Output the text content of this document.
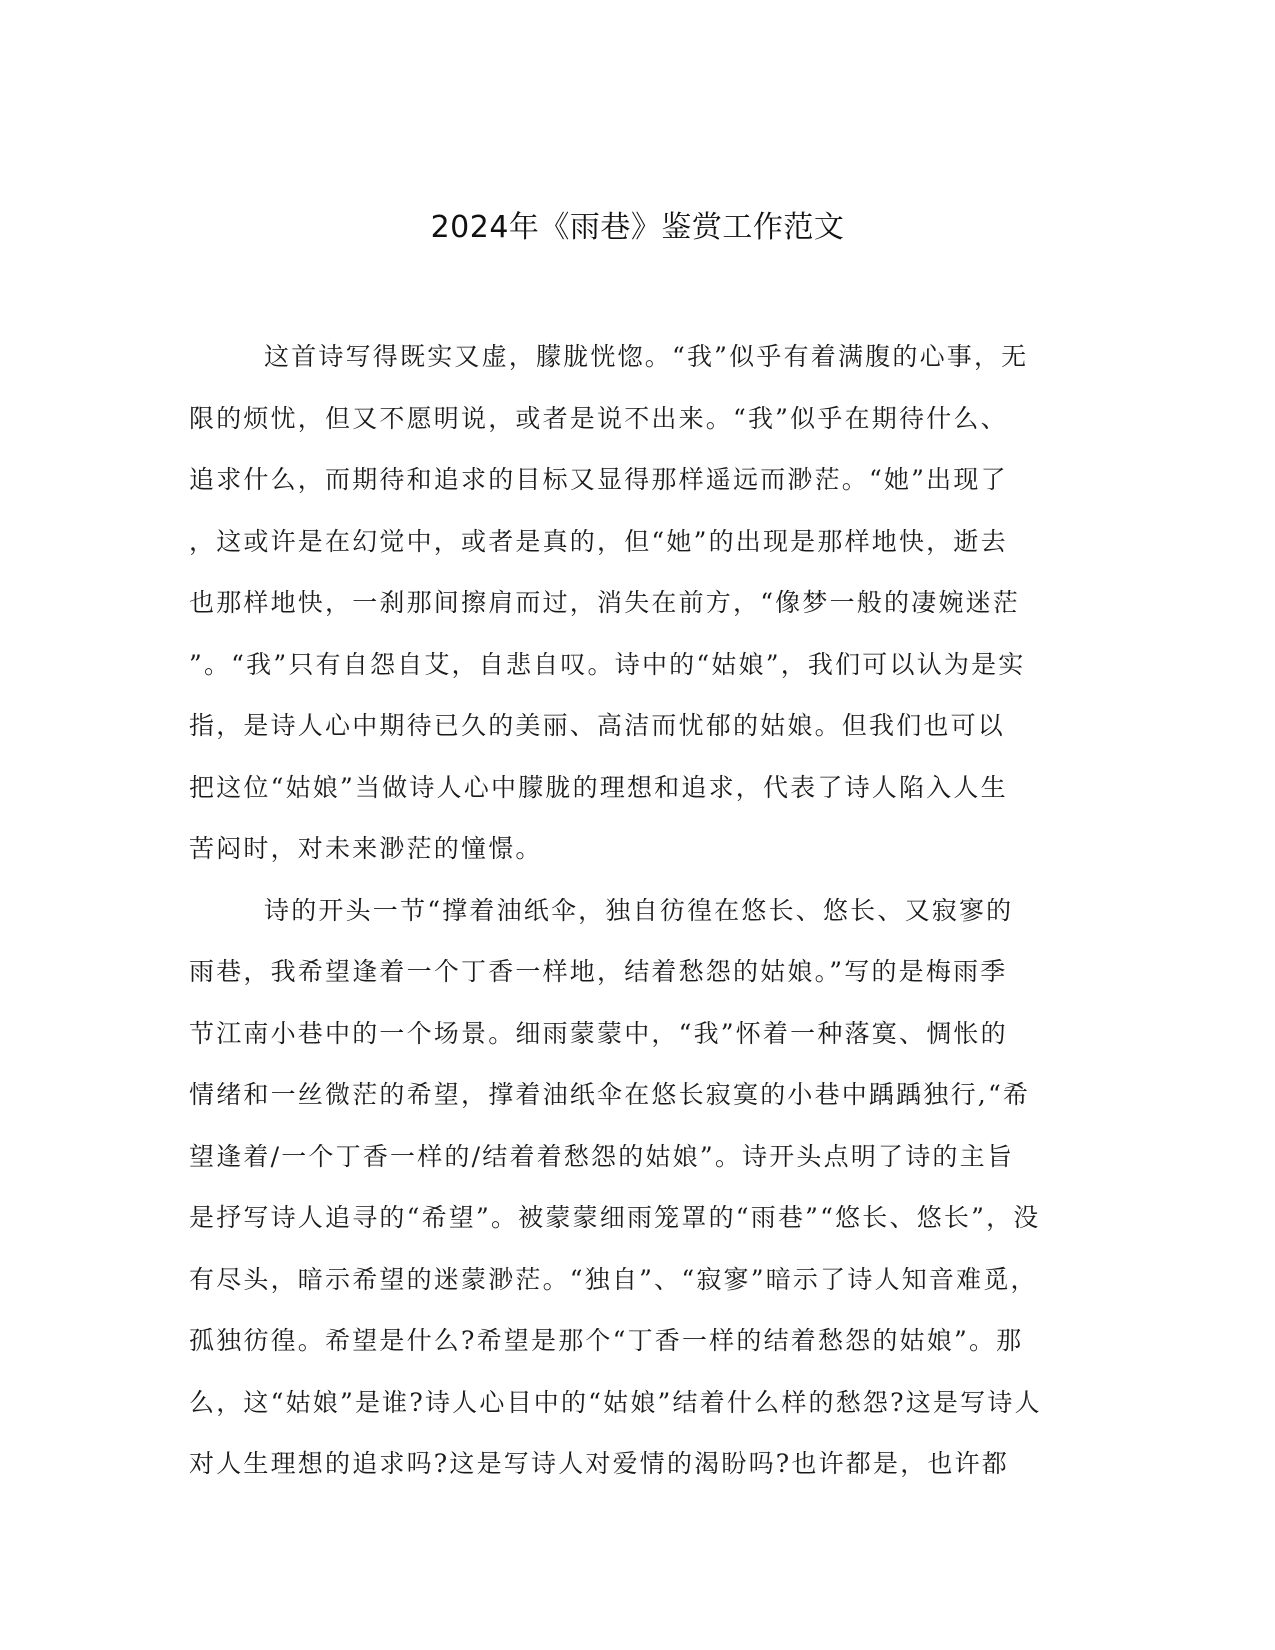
2024年《雨巷》鉴赏工作范文
这首诗写得既实又虚，朦胧恍惚。“我”似乎有着满腹的心事，无
限的烦忧，但又不愿明说，或者是说不出来。“我”似乎在期待什么、
追求什么，而期待和追求的目标又显得那样遥远而渺茫。“她”出现了
，这或许是在幻觉中，或者是真的，但“她”的出现是那样地快，逝去
也那样地快，一刹那间擦肩而过，消失在前方，“像梦一般的凄婉迷茫
”。“我”只有自怨自艾，自悲自叹。诗中的“姑娘”，我们可以认为是实
指，是诗人心中期待已久的美丽、高洁而忧郁的姑娘。但我们也可以
把这位“姑娘”当做诗人心中朦胧的理想和追求，代表了诗人陷入人生
苦闷时，对未来渺茫的憧憬。
诗的开头一节“撑着油纸伞，独自彷徨在悠长、悠长、又寂寥的
雨巷，我希望逢着一个丁香一样地，结着愁怨的姑娘。”写的是梅雨季
节江南小巷中的一个场景。细雨蒙蒙中，“我”怀着一种落寞、惆怅的
情绪和一丝微茫的希望，撑着油纸伞在悠长寂寞的小巷中踽踽独行,“希
望逢着/一个丁香一样的/结着着愁怨的姑娘”。诗开头点明了诗的主旨
是抒写诗人追寻的“希望”。被蒙蒙细雨笼罩的“雨巷”“悠长、悠长”，没
有尽头，暗示希望的迷蒙渺茫。“独自”、“寂寥”暗示了诗人知音难觅，
孤独彷徨。希望是什么?希望是那个“丁香一样的结着愁怨的姑娘”。那
么，这“姑娘”是谁?诗人心目中的“姑娘”结着什么样的愁怨?这是写诗人
对人生理想的追求吗?这是写诗人对爱情的渴盼吗?也许都是，也许都
